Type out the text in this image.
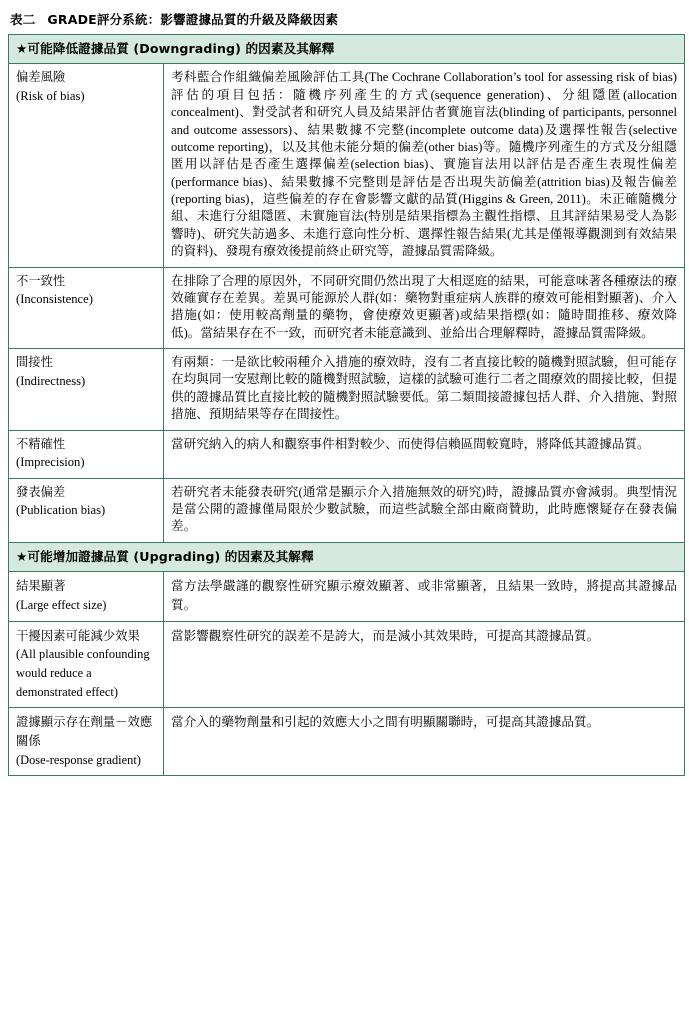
表二 GRADE評分系統：影響證據品質的升級及降級因素
★可能降低證據品質 (Downgrading) 的因素及其解釋	

偏差風險
(Risk of bias)	考科藍合作組織偏差風險評估工具(The Cochrane Collaboration’s tool for assessing risk of bias)評估的項目包括：隨機序列產生的方式(sequence generation)、分組隱匿(allocation concealment)、對受試者和研究人員及結果評估者實施盲法(blinding of participants, personnel and outcome assessors)、結果數據不完整(incomplete outcome data)及選擇性報告(selective outcome reporting)，以及其他未能分類的偏差(other bias)等。隨機序列產生的方式及分組隱匿用以評估是否產生選擇偏差(selection bias)、實施盲法用以評估是否產生表現性偏差(performance bias)、結果數據不完整則是評估是否出現失訪偏差(attrition bias)及報告偏差(reporting bias)，這些偏差的存在會影響文獻的品質(Higgins & Green, 2011)。未正確隨機分組、未進行分組隱匿、未實施盲法(特別是結果指標為主觀性指標、且其評結果易受人為影響時)、研究失訪過多、未進行意向性分析、選擇性報告結果(尤其是僅報導觀測到有效結果的資料)、發現有療效後提前終止研究等，證據品質需降級。

不一致性
(Inconsistence)	在排除了合理的原因外，不同研究間仍然出現了大相逕庭的結果，可能意味著各種療法的療效確實存在差異。差異可能源於人群(如：藥物對重症病人族群的療效可能相對顯著)、介入措施(如：使用較高劑量的藥物，會使療效更顯著)或結果指標(如：隨時間推移、療效降低)。當結果存在不一致，而研究者未能意識到、並給出合理解釋時，證據品質需降級。

間接性
(Indirectness)	有兩類：一是欲比較兩種介入措施的療效時，沒有二者直接比較的隨機對照試驗，但可能存在均與同一安慰劑比較的隨機對照試驗，這樣的試驗可進行二者之間療效的間接比較，但提供的證據品質比直接比較的隨機對照試驗要低。第二類間接證據包括人群、介入措施、對照措施、預期結果等存在間接性。

不精確性
(Imprecision)	當研究納入的病人和觀察事件相對較少、而使得信賴區間較寬時，將降低其證據品質。

發表偏差
(Publication bias)	若研究者未能發表研究(通常是顯示介入措施無效的研究)時，證據品質亦會減弱。典型情況是當公開的證據僅局限於少數試驗，而這些試驗全部由廠商贊助，此時應懷疑存在發表偏差。
★可能增加證據品質 (Upgrading) 的因素及其解釋	

結果顯著
(Large effect size)	當方法學嚴謹的觀察性研究顯示療效顯著、或非常顯著，且結果一致時，將提高其證據品質。

干擾因素可能減少效果
(All plausible confounding
would reduce a demonstrated effect)	當影響觀察性研究的誤差不是誇大，而是減小其效果時，可提高其證據品質。

證據顯示存在劑量－效應關係
(Dose-response gradient)	當介入的藥物劑量和引起的效應大小之間有明顯關聯時，可提高其證據品質。
